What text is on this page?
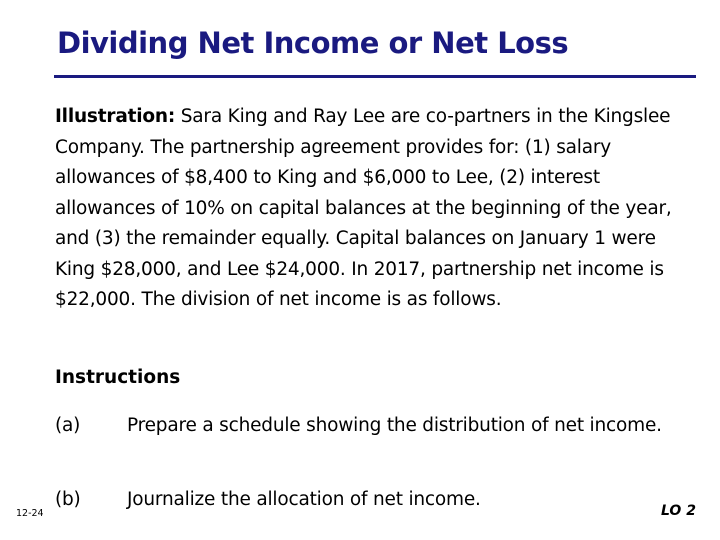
Dividing Net Income or Net Loss

Illustration: Sara King and Ray Lee are co-partners in the Kingslee Company. The partnership agreement provides for: (1) salary allowances of $8,400 to King and $6,000 to Lee, (2) interest allowances of 10% on capital balances at the beginning of the year, and (3) the remainder equally. Capital balances on January 1 were King $28,000, and Lee $24,000. In 2017, partnership net income is $22,000. The division of net income is as follows.

Instructions

(a)	Prepare a schedule showing the distribution of net income.

(b)	Journalize the allocation of net income.

12-24	LO 2
